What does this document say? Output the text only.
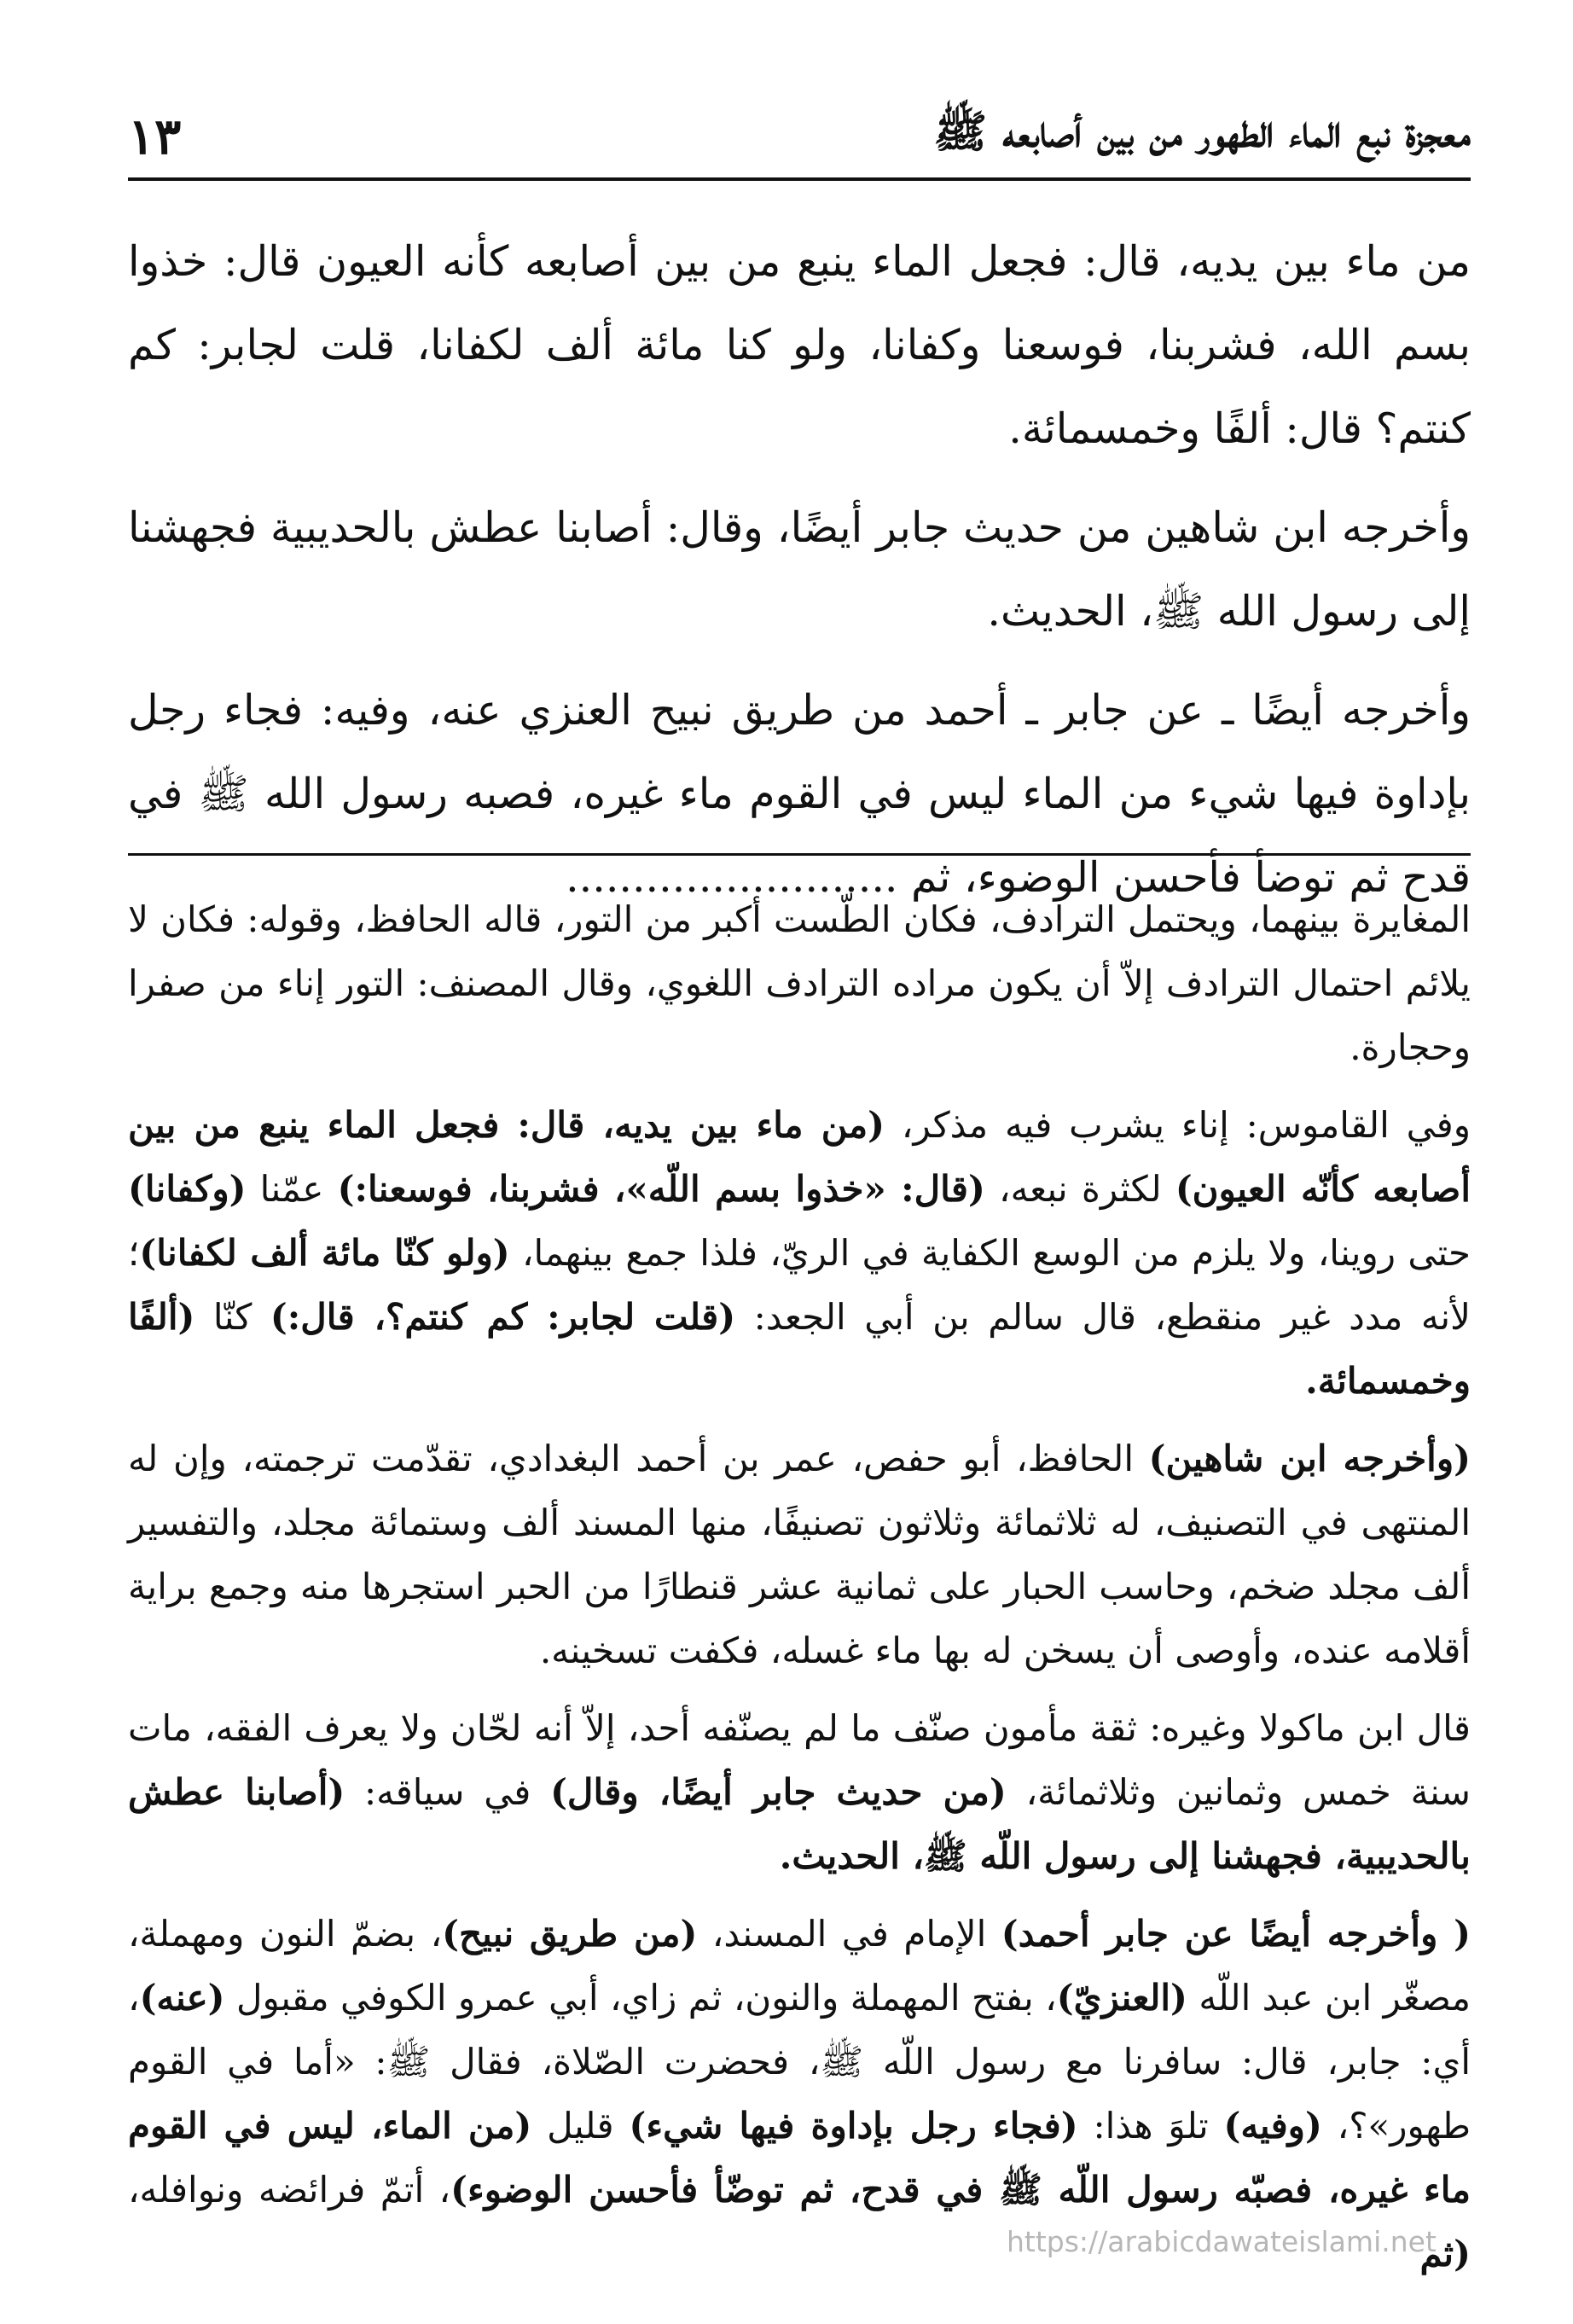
معجزة نبع الماء الطهور من بين أصابعه ﷺ
١٣

من ماء بين يديه، قال: فجعل الماء ينبع من بين أصابعه كأنه العيون قال: خذوا بسم الله، فشربنا، فوسعنا وكفانا، ولو كنا مائة ألف لكفانا، قلت لجابر: كم كنتم؟ قال: ألفًا وخمسمائة.

وأخرجه ابن شاهين من حديث جابر أيضًا، وقال: أصابنا عطش بالحديبية فجهشنا إلى رسول الله ﷺ، الحديث.

وأخرجه أيضًا ـ عن جابر ـ أحمد من طريق نبيح العنزي عنه، وفيه: فجاء رجل بإداوة فيها شيء من الماء ليس في القوم ماء غيره، فصبه رسول الله ﷺ في قدح ثم توضأ فأحسن الوضوء، ثم .........................

المغايرة بينهما، ويحتمل الترادف، فكان الطّست أكبر من التور، قاله الحافظ، وقوله: فكان لا يلائم احتمال الترادف إلاّ أن يكون مراده الترادف اللغوي، وقال المصنف: التور إناء من صفرا وحجارة.

وفي القاموس: إناء يشرب فيه مذكر، (من ماء بين يديه، قال: فجعل الماء ينبع من بين أصابعه كأنّه العيون) لكثرة نبعه، (قال: «خذوا بسم اللّه»، فشربنا، فوسعنا:) عمّنا (وكفانا) حتى روينا، ولا يلزم من الوسع الكفاية في الريّ، فلذا جمع بينهما، (ولو كنّا مائة ألف لكفانا)؛ لأنه مدد غير منقطع، قال سالم بن أبي الجعد: (قلت لجابر: كم كنتم؟، قال:) كنّا (ألفًا وخمسمائة.

(وأخرجه ابن شاهين) الحافظ، أبو حفص، عمر بن أحمد البغدادي، تقدّمت ترجمته، وإن له المنتهى في التصنيف، له ثلاثمائة وثلاثون تصنيفًا، منها المسند ألف وستمائة مجلد، والتفسير ألف مجلد ضخم، وحاسب الحبار على ثمانية عشر قنطارًا من الحبر استجرها منه وجمع براية أقلامه عنده، وأوصى أن يسخن له بها ماء غسله، فكفت تسخينه.

قال ابن ماكولا وغيره: ثقة مأمون صنّف ما لم يصنّفه أحد، إلاّ أنه لحّان ولا يعرف الفقه، مات سنة خمس وثمانين وثلاثمائة، (من حديث جابر أيضًا، وقال) في سياقه: (أصابنا عطش بالحديبية، فجهشنا إلى رسول اللّه ﷺ، الحديث.

( وأخرجه أيضًا عن جابر أحمد) الإمام في المسند، (من طريق نبيح)، بضمّ النون ومهملة، مصغّر ابن عبد اللّه (العنزيّ)، بفتح المهملة والنون، ثم زاي، أبي عمرو الكوفي مقبول (عنه)، أي: جابر، قال: سافرنا مع رسول اللّه ﷺ، فحضرت الصّلاة، فقال ﷺ: «أما في القوم طهور»؟، (وفيه) تلوَ هذا: (فجاء رجل بإداوة فيها شيء) قليل (من الماء، ليس في القوم ماء غيره، فصبّه رسول اللّه ﷺ في قدح، ثم توضّأ فأحسن الوضوء)، أتمّ فرائضه ونوافله، (ثم

https://arabicdawateislami.net
